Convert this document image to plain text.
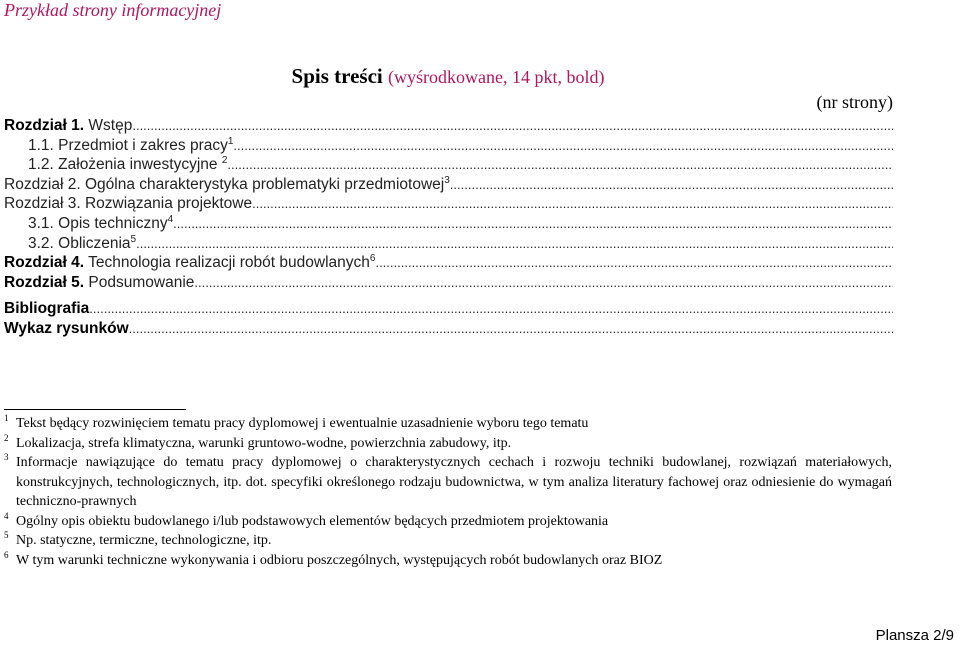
Przykład strony informacyjnej
Spis treści (wyśrodkowane, 14 pkt, bold)
(nr strony)
Rozdział 1. Wstęp
.....
1.1. Przedmiot i zakres pracy$^1$
.....
1.2. Założenia inwestycyjne $^2$
.....
Rozdział 2. Ogólna charakterystyka problematyki przedmiotowej$^3$
.....
Rozdział 3. Rozwiązania projektowe
.....
3.1. Opis techniczny$^4$
.....
3.2. Obliczenia$^5$
.....
Rozdział 4. Technologia realizacji robót budowlanych$^6$
.....
Rozdział 5. Podsumowanie
.....
Bibliografia
.....
Wykaz rysunków
.....
1 Tekst będący rozwinięciem tematu pracy dyplomowej i ewentualnie uzasadnienie wyboru tego tematu
2 Lokalizacja, strefa klimatyczna, warunki gruntowo-wodne, powierzchnia zabudowy, itp.
3 Informacje nawiązujące do tematu pracy dyplomowej o charakterystycznych cechach i rozwoju techniki budowlanej, rozwiązań materiałowych, konstrukcyjnych, technologicznych, itp. dot. specyfiki określonego rodzaju budownictwa, w tym analiza literatury fachowej oraz odniesienie do wymagań techniczno-prawnych
4 Ogólny opis obiektu budowlanego i/lub podstawowych elementów będących przedmiotem projektowania
5 Np. statyczne, termiczne, technologiczne, itp.
6 W tym warunki techniczne wykonywania i odbioru poszczególnych, występujących robót budowlanych oraz BIOZ
Plansza 2/9
